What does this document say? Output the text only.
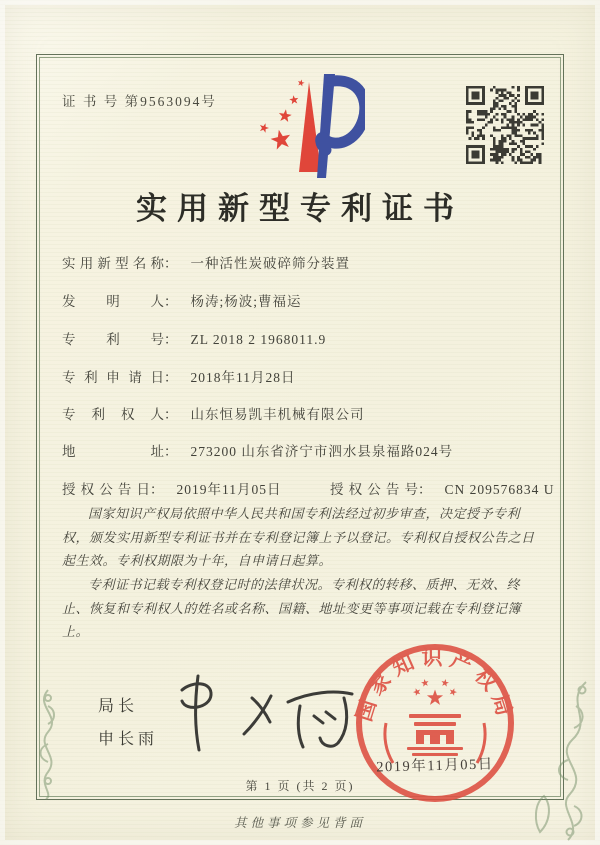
证 书 号 第9563094号
实用新型专利证书
实用新型名称： 一种活性炭破碎筛分装置
发明人： 杨涛;杨波;曹福运
专利号： ZL 2018 2 1968011.9
专利申请日： 2018年11月28日
专利权人： 山东恒易凯丰机械有限公司
地址： 273200 山东省济宁市泗水县泉福路024号
授权公告日： 2019年11月05日	授权公告号： CN 209576834 U

国家知识产权局依照中华人民共和国专利法经过初步审查，决定授予专利权，颁发实用新型专利证书并在专利登记簿上予以登记。专利权自授权公告之日起生效。专利权期限为十年，自申请日起算。

专利证书记载专利权登记时的法律状况。专利权的转移、质押、无效、终止、恢复和专利权人的姓名或名称、国籍、地址变更等事项记载在专利登记簿上。

局长
申长雨
国家知识产权局
2019年11月05日
第 1 页 (共 2 页)
其他事项参见背面
